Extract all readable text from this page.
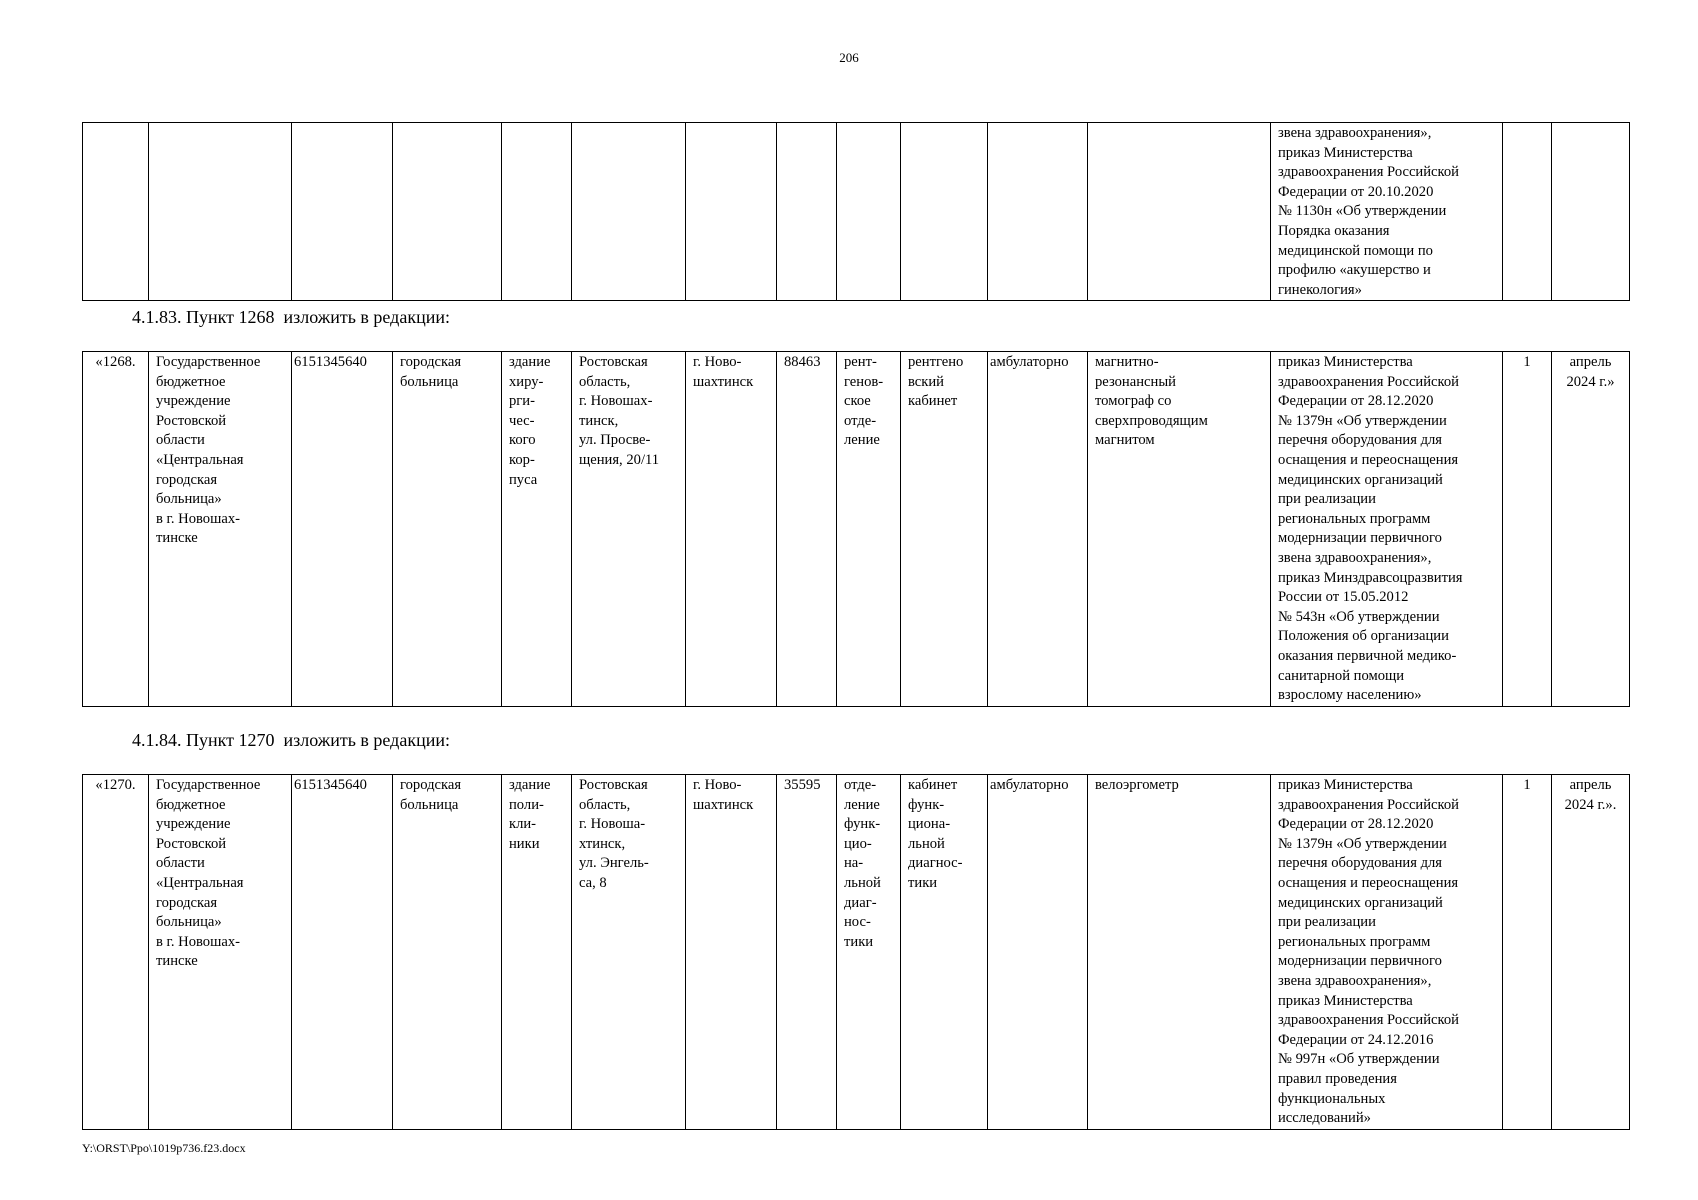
206
												звена здравоохранения»,
приказ Министерства
здравоохранения Российской
Федерации от 20.10.2020
№ 1130н «Об утверждении
Порядка оказания
медицинской помощи по
профилю «акушерство и
гинекология»		
4.1.83. Пункт 1268  изложить в редакции:
«1268.	Государственное
бюджетное
учреждение
Ростовской
области
«Центральная
городская
больница»
в г. Новошах-
тинске	6151345640	городская
больница	здание
хиру-
рги-
чес-
кого
кор-
пуса	Ростовская
область,
г. Новошах-
тинск,
ул. Просве-
щения, 20/11	г. Ново-
шахтинск	88463	рент-
генов-
ское
отде-
ление	рентгено
вский
кабинет	амбулаторно	магнитно-
резонансный
томограф со
сверхпроводящим
магнитом	приказ Министерства
здравоохранения Российской
Федерации от 28.12.2020
№ 1379н «Об утверждении
перечня оборудования для
оснащения и переоснащения
медицинских организаций
при реализации
региональных программ
модернизации первичного
звена здравоохранения»,
приказ Минздравсоцразвития
России от 15.05.2012
№ 543н «Об утверждении
Положения об организации
оказания первичной медико-
санитарной помощи
взрослому населению»	1	апрель
2024 г.»
4.1.84. Пункт 1270  изложить в редакции:
«1270.	Государственное
бюджетное
учреждение
Ростовской
области
«Центральная
городская
больница»
в г. Новошах-
тинске	6151345640	городская
больница	здание
поли-
кли-
ники	Ростовская
область,
г. Новоша-
хтинск,
ул. Энгель-
са, 8	г. Ново-
шахтинск	35595	отде-
ление
функ-
цио-
на-
льной
диаг-
нос-
тики	кабинет
функ-
циона-
льной
диагнос-
тики	амбулаторно	велоэргометр	приказ Министерства
здравоохранения Российской
Федерации от 28.12.2020
№ 1379н «Об утверждении
перечня оборудования для
оснащения и переоснащения
медицинских организаций
при реализации
региональных программ
модернизации первичного
звена здравоохранения»,
приказ Министерства
здравоохранения Российской
Федерации от 24.12.2016
№ 997н «Об утверждении
правил проведения
функциональных
исследований»	1	апрель
2024 г.».
Y:\ORST\Ppo\1019p736.f23.docx
